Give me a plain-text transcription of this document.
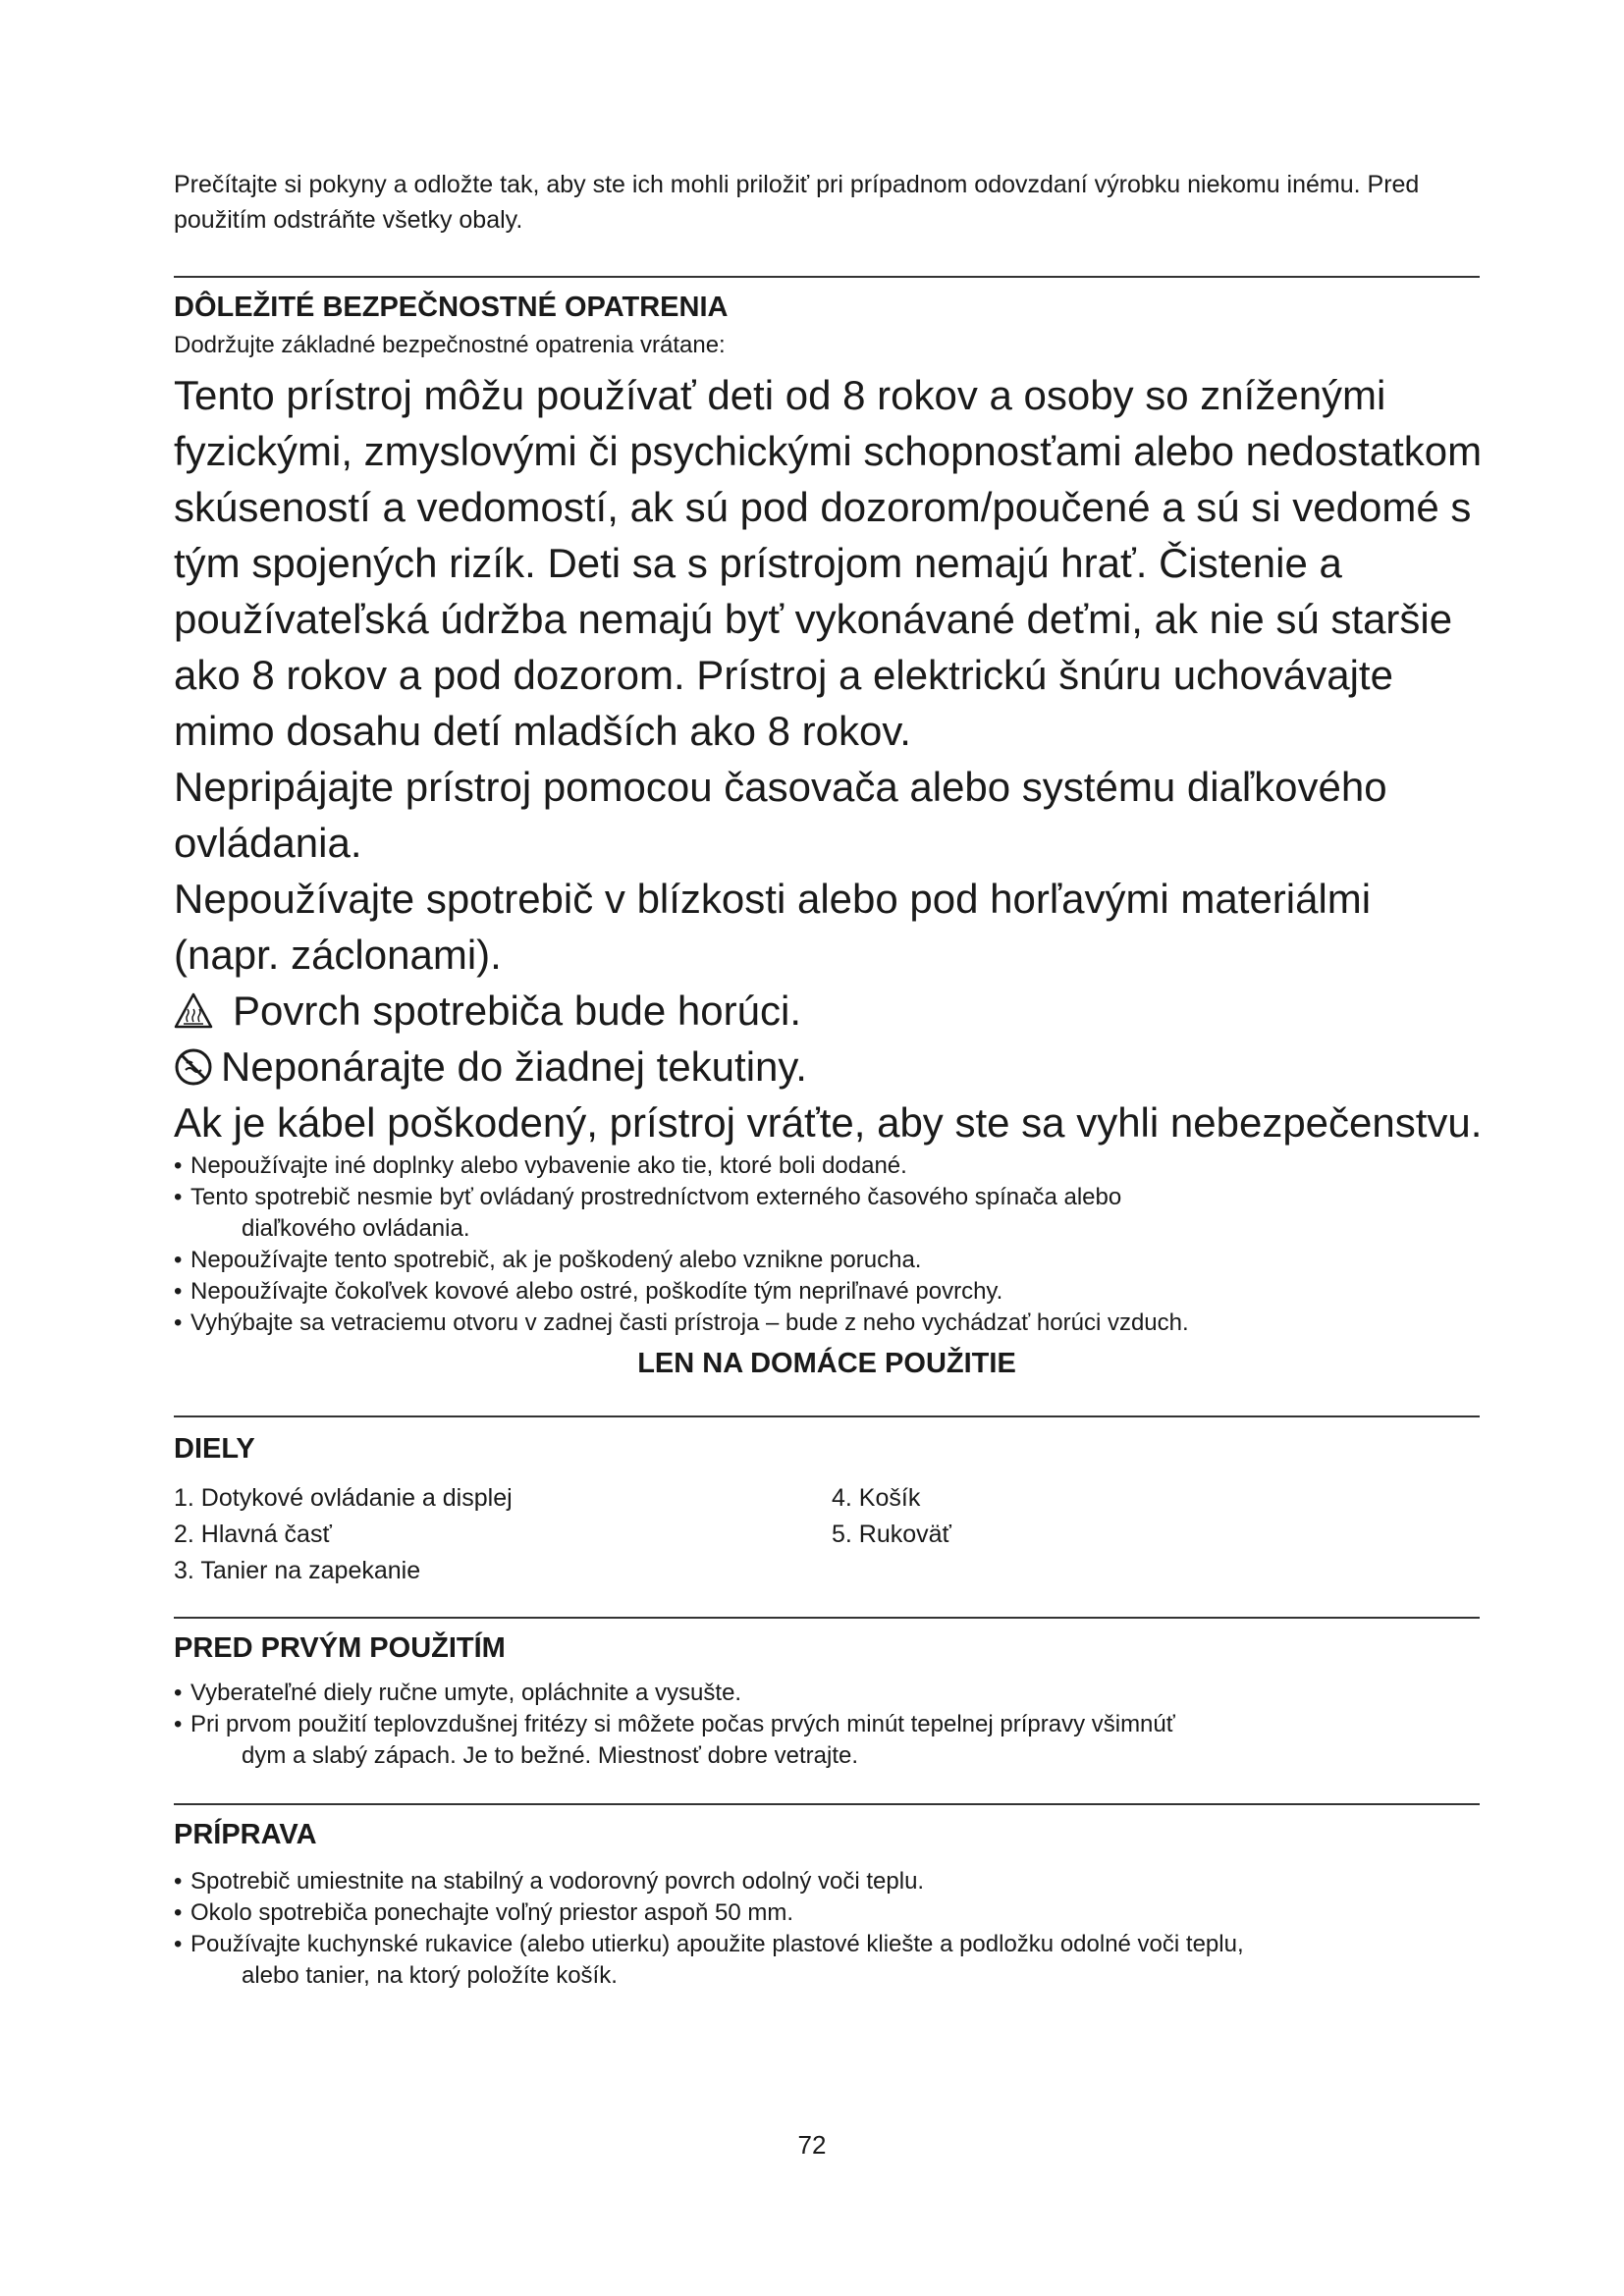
Prečítajte si pokyny a odložte tak, aby ste ich mohli priložiť pri prípadnom odovzdaní výrobku niekomu inému. Pred použitím odstráňte všetky obaly.

DÔLEŽITÉ BEZPEČNOSTNÉ OPATRENIA

Dodržujte základné bezpečnostné opatrenia vrátane:

Tento prístroj môžu používať deti od 8 rokov a osoby so zníženými fyzickými, zmyslovými či psychickými schopnosťami alebo nedostatkom skúseností a vedomostí, ak sú pod dozorom/poučené a sú si vedomé s tým spojených rizík. Deti sa s prístrojom nemajú hrať. Čistenie a používateľská údržba nemajú byť vykonávané deťmi, ak nie sú staršie ako 8 rokov a pod dozorom. Prístroj a elektrickú šnúru uchovávajte mimo dosahu detí mladších ako 8 rokov.

Nepripájajte prístroj pomocou časovača alebo systému diaľkového ovládania.

Nepoužívajte spotrebič v blízkosti alebo pod horľavými materiálmi (napr. záclonami).

Povrch spotrebiča bude horúci.
Neponárajte do žiadnej tekutiny.

Ak je kábel poškodený, prístroj vráťte, aby ste sa vyhli nebezpečenstvu.

• Nepoužívajte iné doplnky alebo vybavenie ako tie, ktoré boli dodané.
• Tento spotrebič nesmie byť ovládaný prostredníctvom externého časového spínača alebo
diaľkového ovládania.
• Nepoužívajte tento spotrebič, ak je poškodený alebo vznikne porucha.
• Nepoužívajte čokoľvek kovové alebo ostré, poškodíte tým nepriľnavé povrchy.
• Vyhýbajte sa vetraciemu otvoru v zadnej časti prístroja – bude z neho vychádzať horúci vzduch.

LEN NA DOMÁCE POUŽITIE

DIELY

1. Dotykové ovládanie a displej
2. Hlavná časť
3. Tanier na zapekanie
4. Košík
5. Rukoväť

PRED PRVÝM POUŽITÍM

• Vyberateľné diely ručne umyte, opláchnite a vysušte.
• Pri prvom použití teplovzdušnej fritézy si môžete počas prvých minút tepelnej prípravy všimnúť
dym a slabý zápach. Je to bežné. Miestnosť dobre vetrajte.

PRÍPRAVA

• Spotrebič umiestnite na stabilný a vodorovný povrch odolný voči teplu.
• Okolo spotrebiča ponechajte voľný priestor aspoň 50 mm.
• Používajte kuchynské rukavice (alebo utierku) apoužite plastové kliešte a podložku odolné voči teplu,
alebo tanier, na ktorý položíte košík.
72
